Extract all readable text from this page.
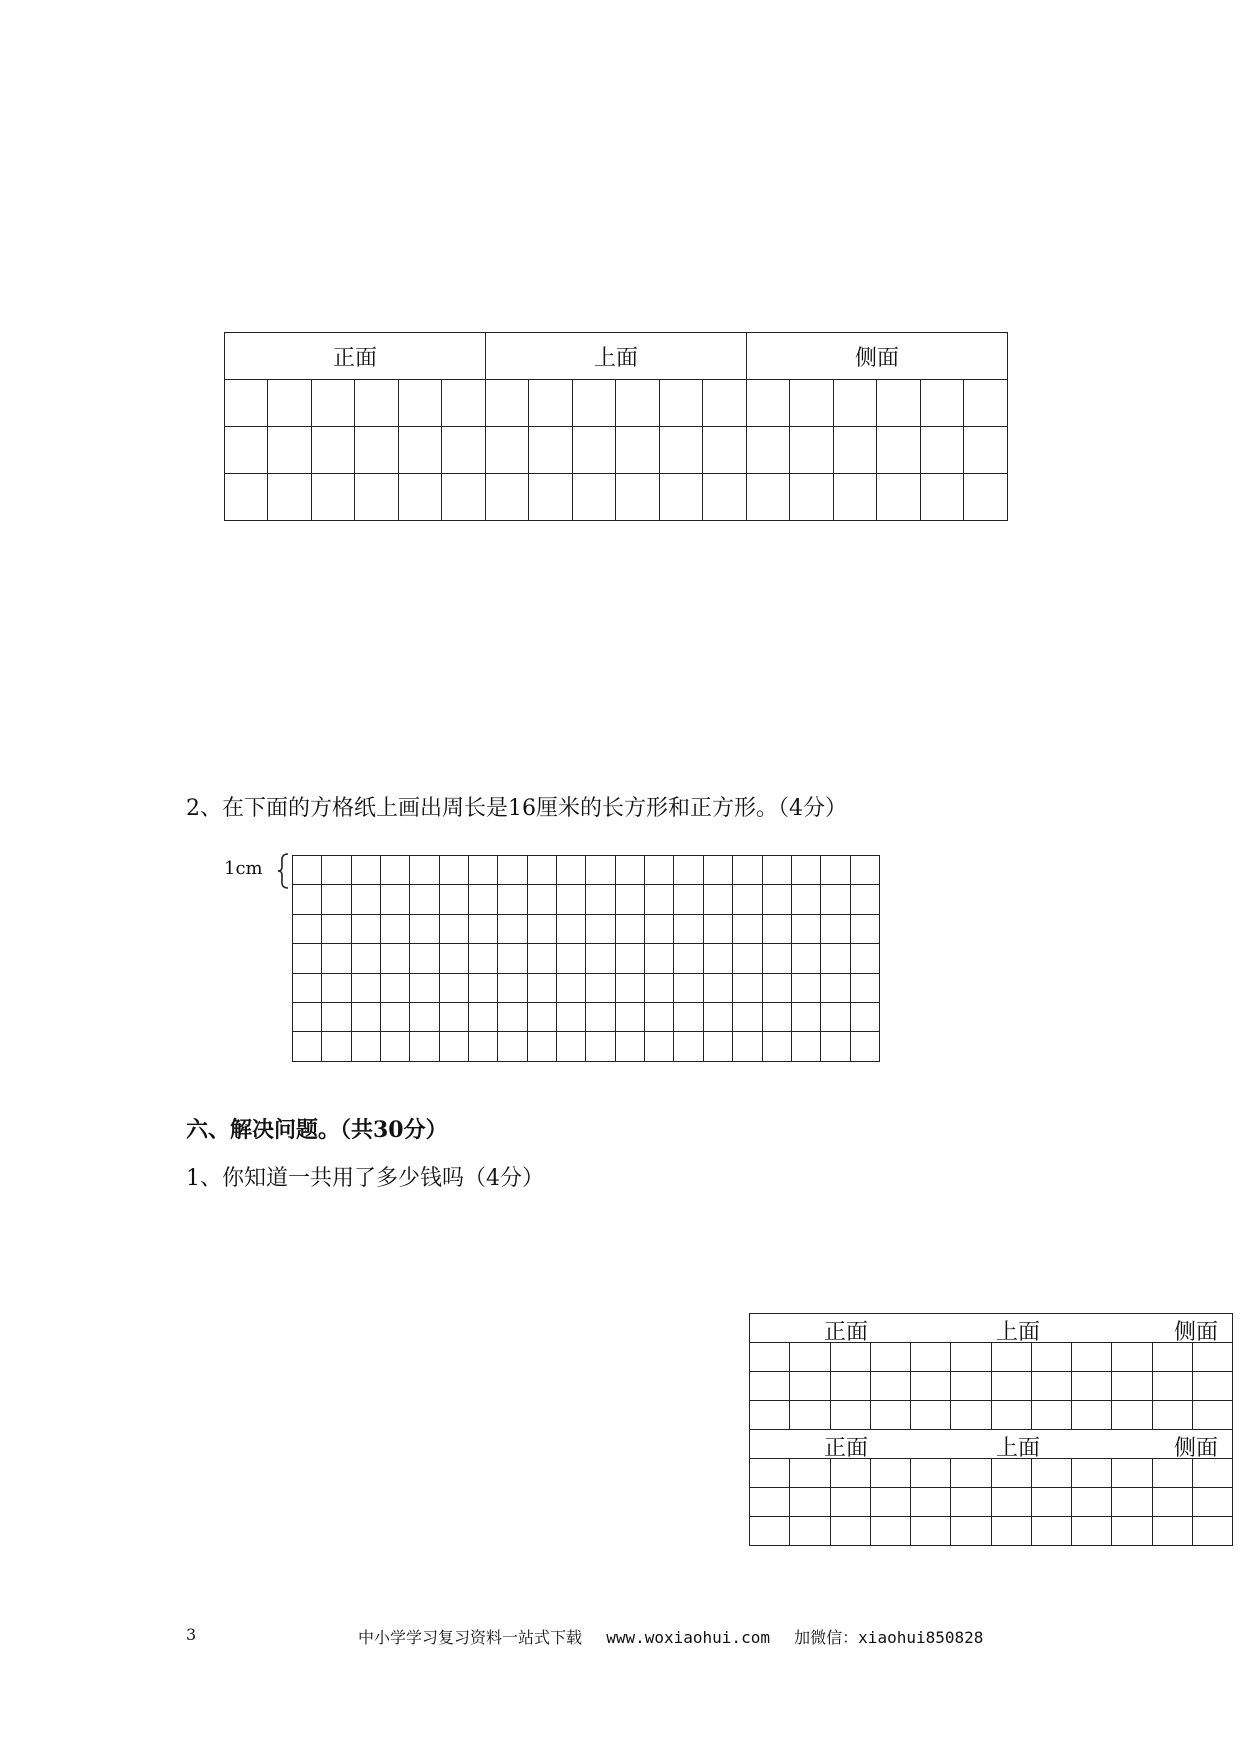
正面						上面						侧面					

2、在下面的方格纸上画出周长是16厘米的长方形和正方形。（4分）
1cm

六、解决问题。（共30分）
1、你知道一共用了多少钱吗（4分）
正面 上面 侧面											

正面 上面 侧面											

3	中小学学习复习资料一站式下载 www.woxiaohui.com 加微信：xiaohui850828
